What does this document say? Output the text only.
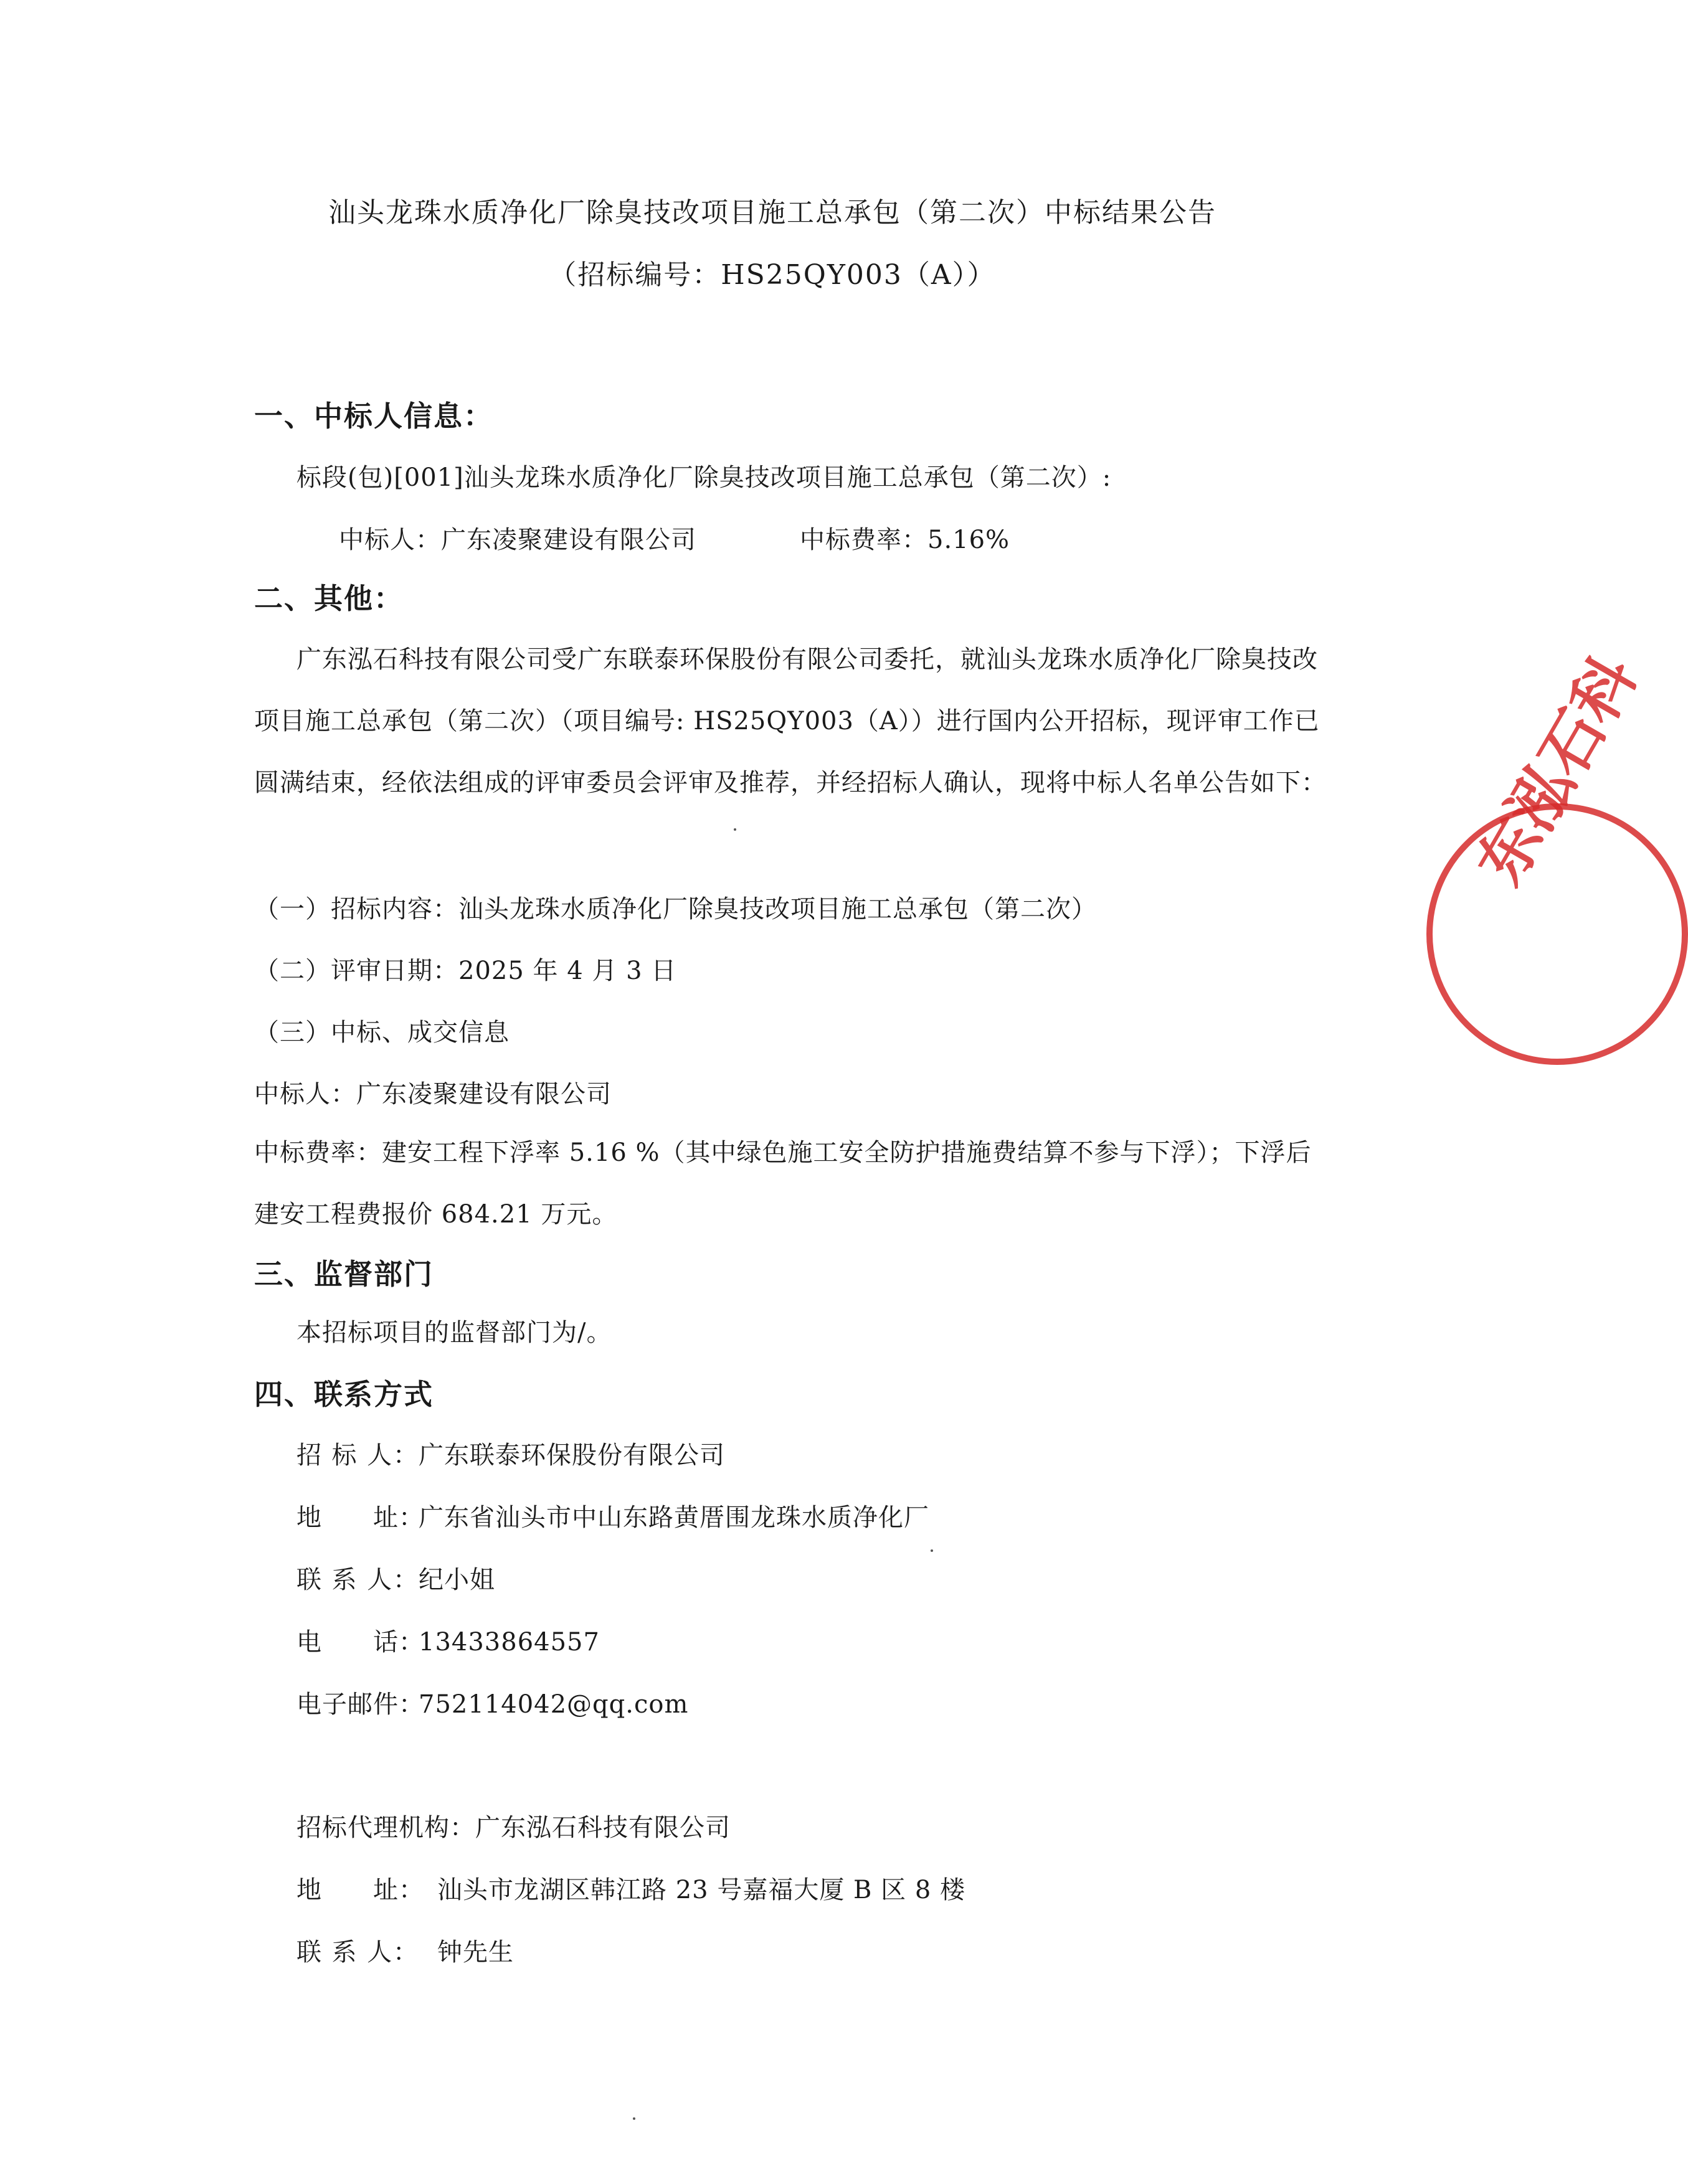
汕头龙珠水质净化厂除臭技改项目施工总承包（第二次）中标结果公告
（招标编号：HS25QY003（A））
一、中标人信息：
标段(包)[001]汕头龙珠水质净化厂除臭技改项目施工总承包（第二次）:
中标人：广东凌聚建设有限公司	中标费率：5.16%
二、其他：
广东泓石科技有限公司受广东联泰环保股份有限公司委托，就汕头龙珠水质净化厂除臭技改项目施工总承包（第二次）（项目编号: HS25QY003（A））进行国内公开招标，现评审工作已圆满结束，经依法组成的评审委员会评审及推荐，并经招标人确认，现将中标人名单公告如下：
（一）招标内容：汕头龙珠水质净化厂除臭技改项目施工总承包（第二次）
（二）评审日期：2025 年 4 月 3 日
（三）中标、成交信息
中标人：广东凌聚建设有限公司
中标费率：建安工程下浮率 5.16 %（其中绿色施工安全防护措施费结算不参与下浮）；下浮后建安工程费报价 684.21 万元。
三、监督部门
本招标项目的监督部门为/。
四、联系方式
招 标 人：广东联泰环保股份有限公司
地　　址：广东省汕头市中山东路黄厝围龙珠水质净化厂
联 系 人：纪小姐
电　　话：13433864557
电子邮件：752114042@qq.com
招标代理机构：广东泓石科技有限公司
地　　址： 汕头市龙湖区韩江路 23 号嘉福大厦 B 区 8 楼
联 系 人： 钟先生
东泓石科
